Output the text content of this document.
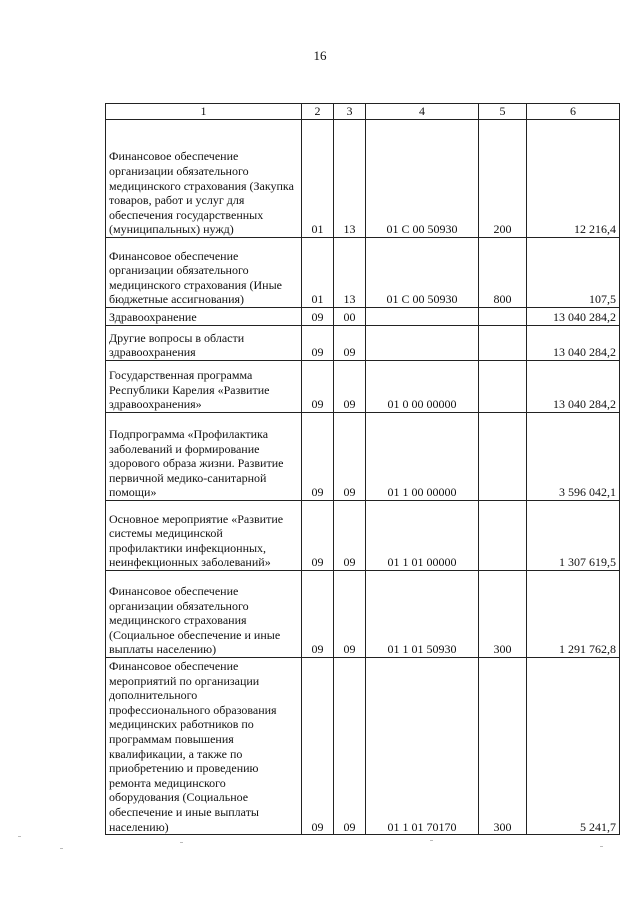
16
1	2	3	4	5	6
Финансовое обеспечение организации обязательного медицинского страхования (Закупка товаров, работ и услуг для обеспечения государственных (муниципальных) нужд)	01	13	01 С 00 50930	200	12 216,4
Финансовое обеспечение организации обязательного медицинского страхования (Иные бюджетные ассигнования)	01	13	01 С 00 50930	800	107,5
Здравоохранение	09	00			13 040 284,2
Другие вопросы в области здравоохранения	09	09			13 040 284,2
Государственная программа Республики Карелия «Развитие здравоохранения»	09	09	01 0 00 00000		13 040 284,2
Подпрограмма «Профилактика заболеваний и формирование здорового образа жизни. Развитие первичной медико-санитарной помощи»	09	09	01 1 00 00000		3 596 042,1
Основное мероприятие «Развитие системы медицинской профилактики инфекционных, неинфекционных заболеваний»	09	09	01 1 01 00000		1 307 619,5
Финансовое обеспечение организации обязательного медицинского страхования (Социальное обеспечение и иные выплаты населению)	09	09	01 1 01 50930	300	1 291 762,8
Финансовое обеспечение мероприятий по организации дополнительного профессионального образования медицинских работников по программам повышения квалификации, а также по приобретению и проведению ремонта медицинского оборудования (Социальное обеспечение и иные выплаты населению)	09	09	01 1 01 70170	300	5 241,7
